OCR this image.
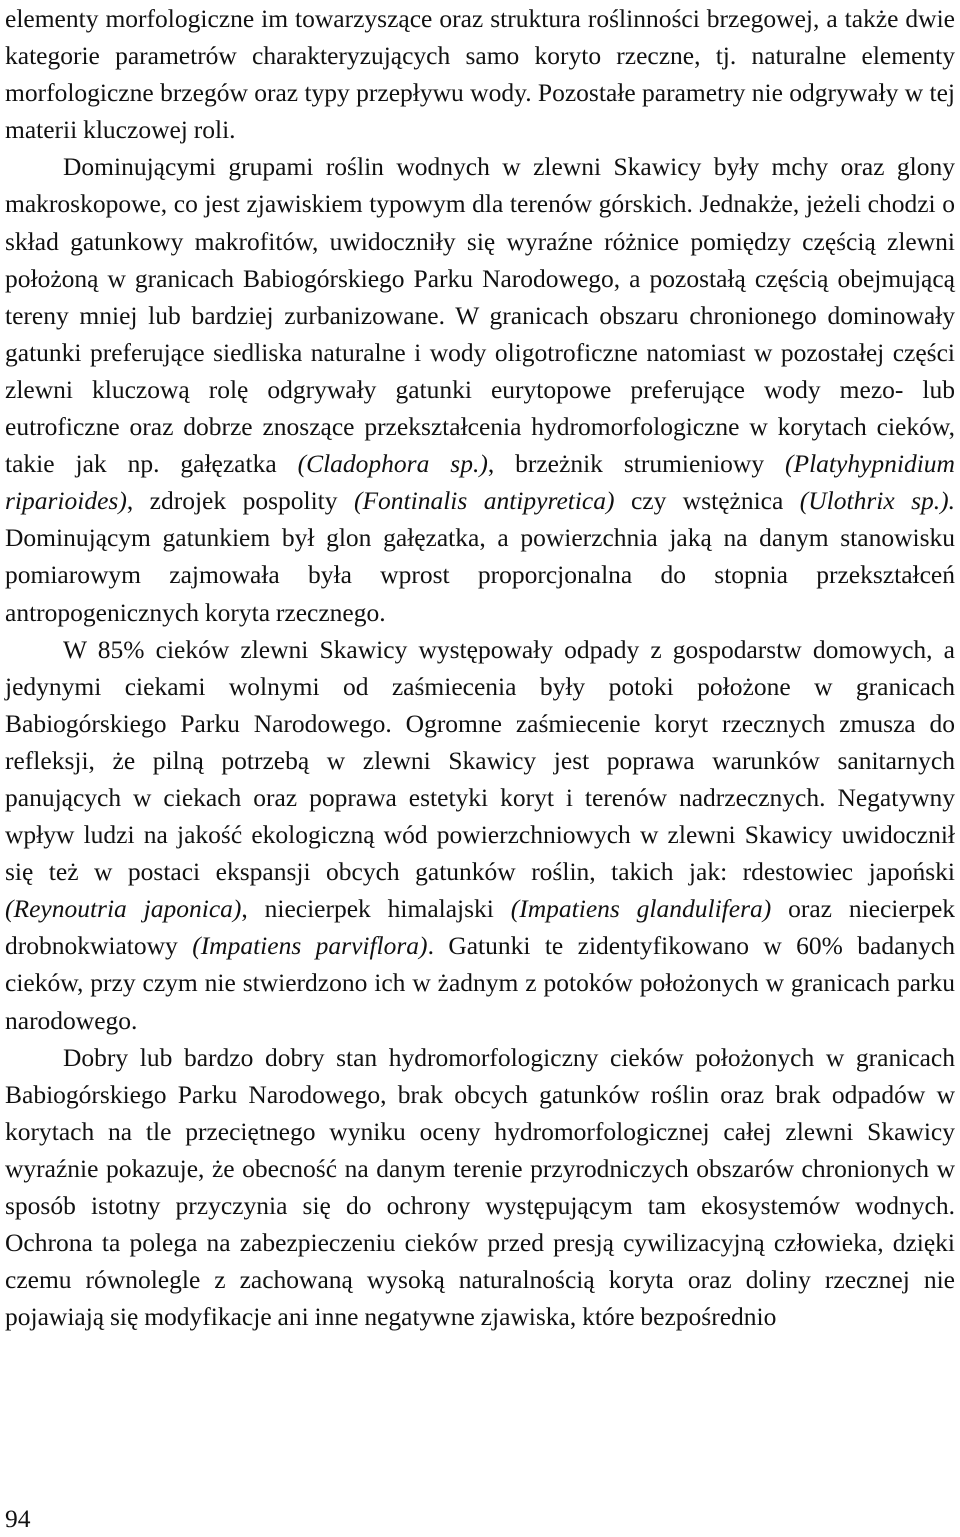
elementy morfologiczne im towarzyszące oraz struktura roślinności brzegowej, a także dwie kategorie parametrów charakteryzujących samo koryto rzeczne, tj. naturalne elementy morfologiczne brzegów oraz typy przepływu wody. Pozostałe parametry nie odgrywały w tej materii kluczowej roli.

Dominującymi grupami roślin wodnych w zlewni Skawicy były mchy oraz glony makroskopowe, co jest zjawiskiem typowym dla terenów górskich. Jednakże, jeżeli chodzi o skład gatunkowy makrofitów, uwidoczniły się wyraźne różnice pomiędzy częścią zlewni położoną w granicach Babiogórskiego Parku Narodowego, a pozostałą częścią obejmującą tereny mniej lub bardziej zurbanizowane. W granicach obszaru chronionego dominowały gatunki preferujące siedliska naturalne i wody oligotroficzne natomiast w pozostałej części zlewni kluczową rolę odgrywały gatunki eurytopowe preferujące wody mezo- lub eutroficzne oraz dobrze znoszące przekształcenia hydromorfologiczne w korytach cieków, takie jak np. gałęzatka (Cladophora sp.), brzeżnik strumieniowy (Platyhypnidium riparioides), zdrojek pospolity (Fontinalis antipyretica) czy wstężnica (Ulothrix sp.). Dominującym gatunkiem był glon gałęzatka, a powierzchnia jaką na danym stanowisku pomiarowym zajmowała była wprost proporcjonalna do stopnia przekształceń antropogenicznych koryta rzecznego.

W 85% cieków zlewni Skawicy występowały odpady z gospodarstw domowych, a jedynymi ciekami wolnymi od zaśmiecenia były potoki położone w granicach Babiogórskiego Parku Narodowego. Ogromne zaśmiecenie koryt rzecznych zmusza do refleksji, że pilną potrzebą w zlewni Skawicy jest poprawa warunków sanitarnych panujących w ciekach oraz poprawa estetyki koryt i terenów nadrzecznych. Negatywny wpływ ludzi na jakość ekologiczną wód powierzchniowych w zlewni Skawicy uwidocznił się też w postaci ekspansji obcych gatunków roślin, takich jak: rdestowiec japoński (Reynoutria japonica), niecierpek himalajski (Impatiens glandulifera) oraz niecierpek drobnokwiatowy (Impatiens parviflora). Gatunki te zidentyfikowano w 60% badanych cieków, przy czym nie stwierdzono ich w żadnym z potoków położonych w granicach parku narodowego.

Dobry lub bardzo dobry stan hydromorfologiczny cieków położonych w granicach Babiogórskiego Parku Narodowego, brak obcych gatunków roślin oraz brak odpadów w korytach na tle przeciętnego wyniku oceny hydromorfologicznej całej zlewni Skawicy wyraźnie pokazuje, że obecność na danym terenie przyrodniczych obszarów chronionych w sposób istotny przyczynia się do ochrony występującym tam ekosystemów wodnych. Ochrona ta polega na zabezpieczeniu cieków przed presją cywilizacyjną człowieka, dzięki czemu równolegle z zachowaną wysoką naturalnością koryta oraz doliny rzecznej nie pojawiają się modyfikacje ani inne negatywne zjawiska, które bezpośrednio

94
